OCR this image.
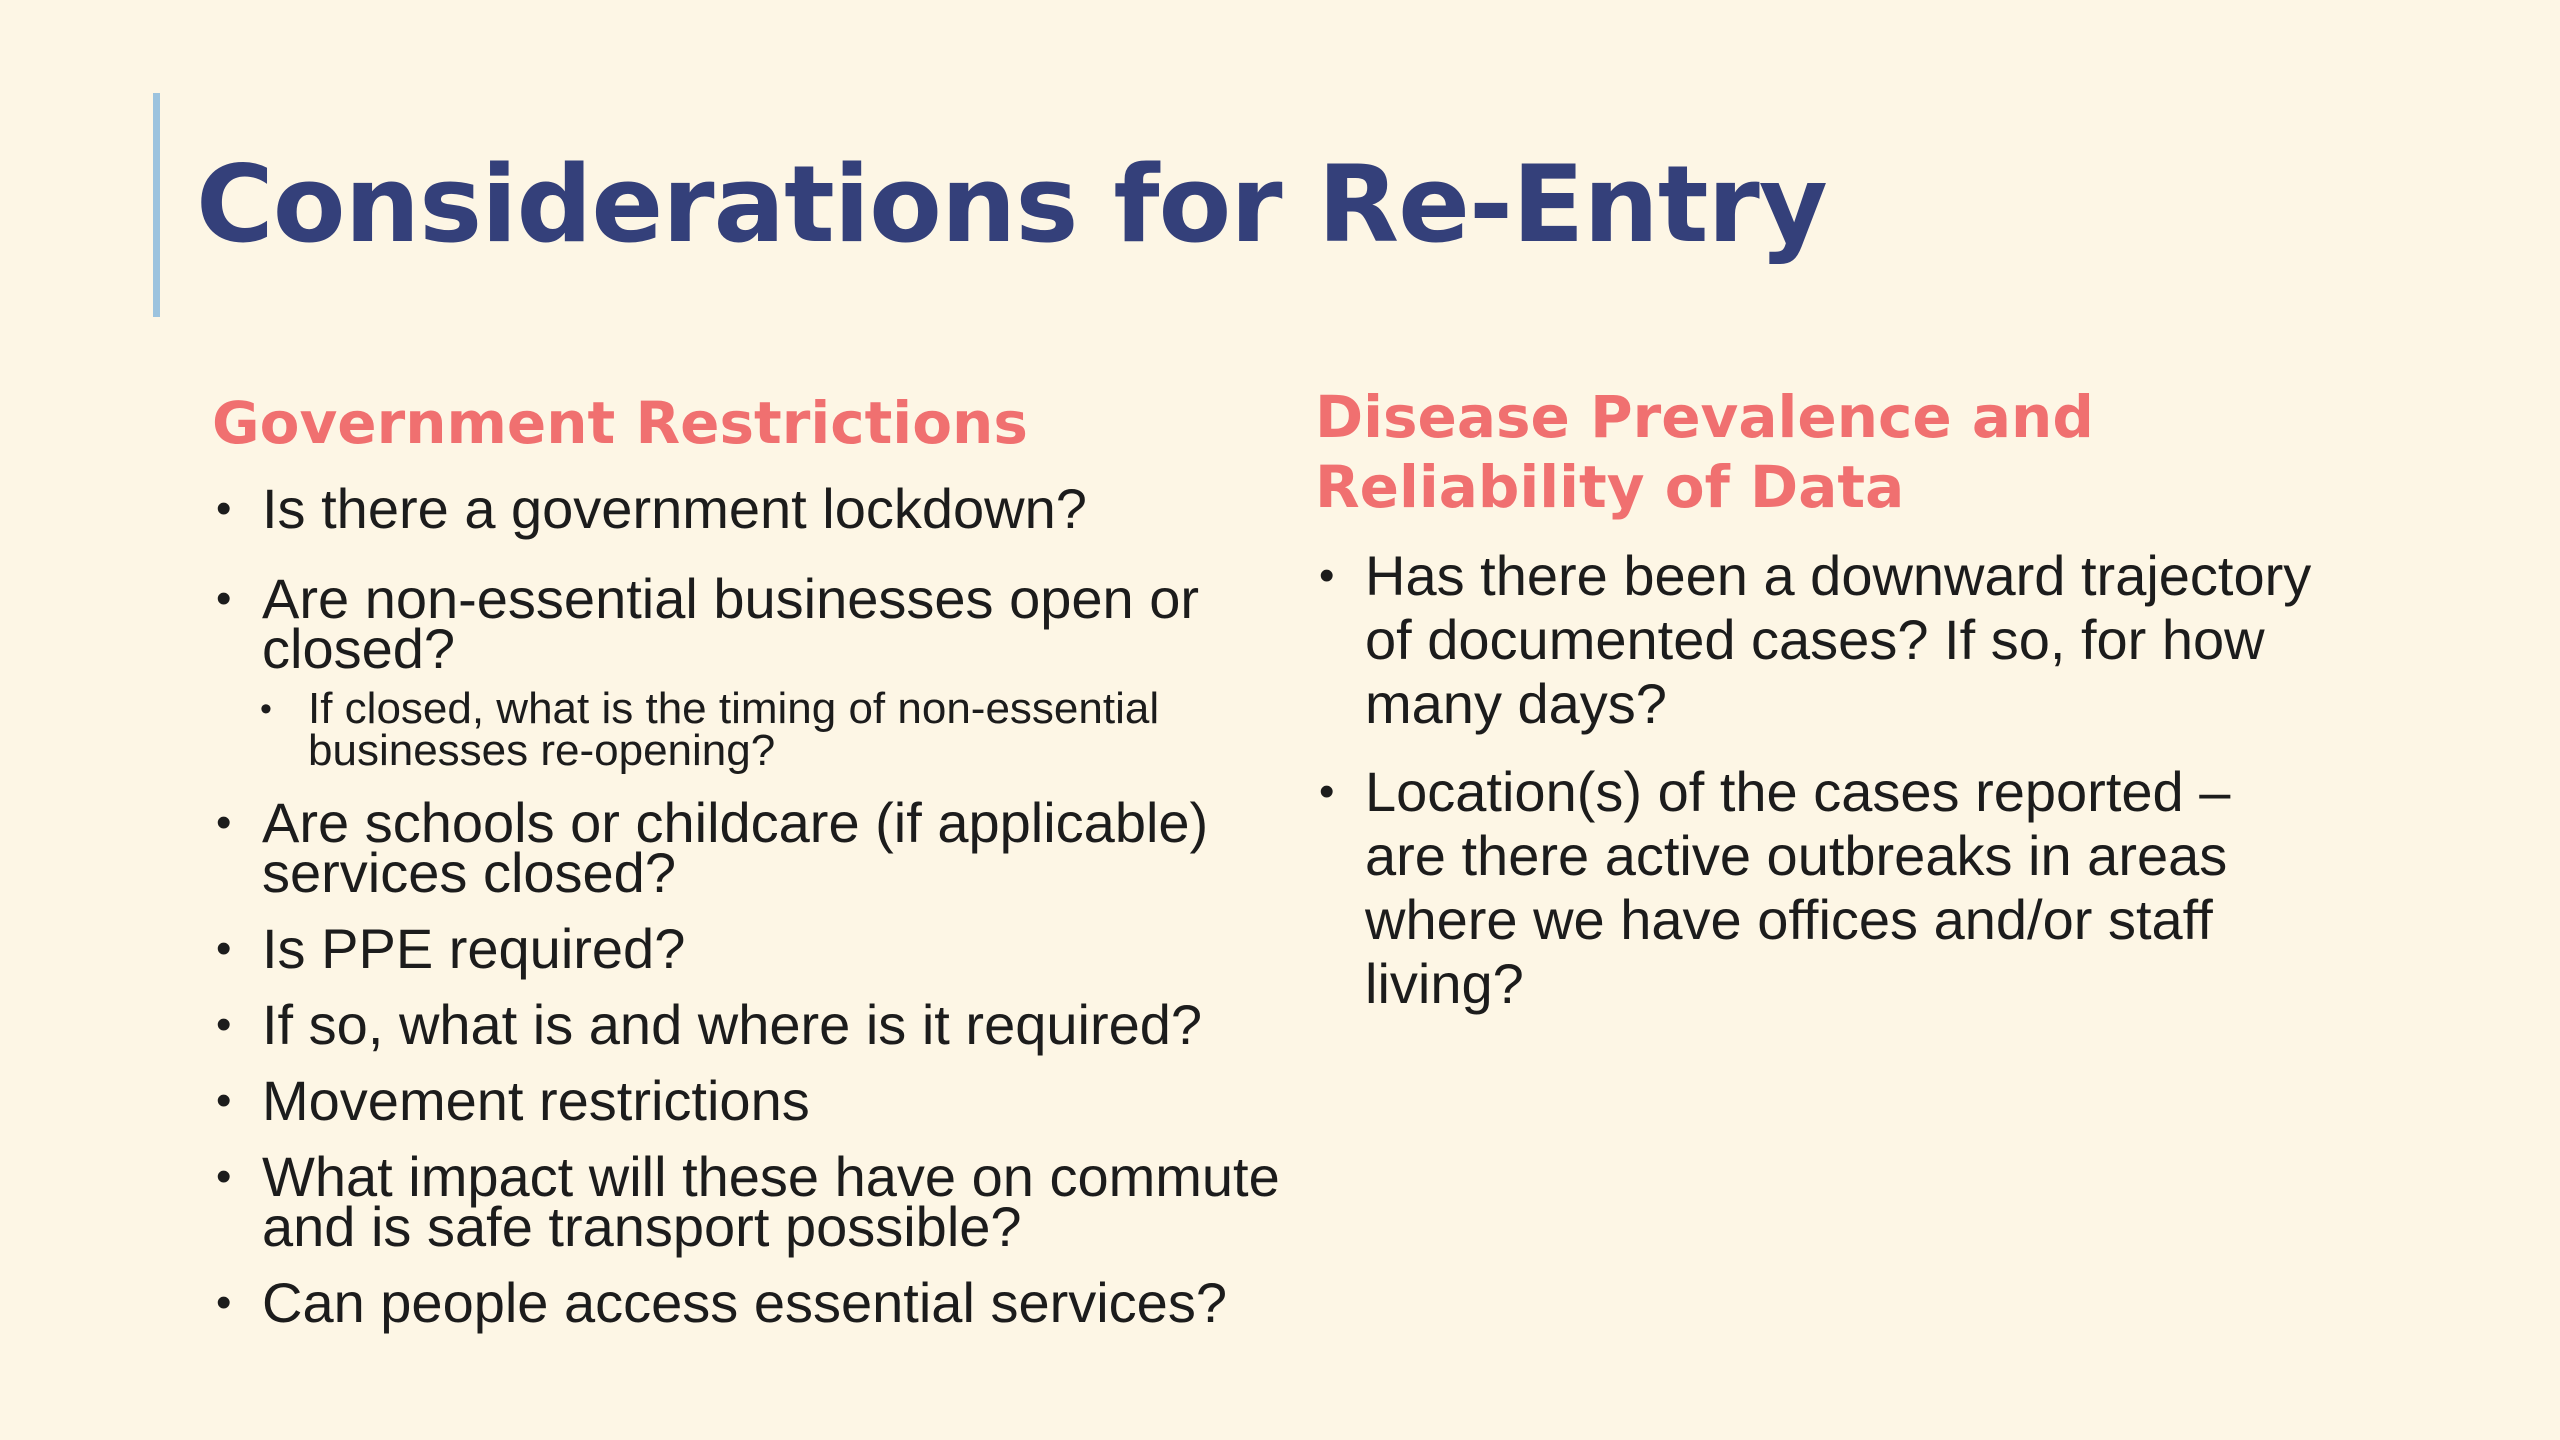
Considerations for Re-Entry
Government Restrictions
• Is there a government lockdown?
• Are non-essential businesses open or closed?
• If closed, what is the timing of non-essential businesses re-opening?
• Are schools or childcare (if applicable) services closed?
• Is PPE required?
• If so, what is and where is it required?
• Movement restrictions
• What impact will these have on commute and is safe transport possible?
• Can people access essential services?
Disease Prevalence and Reliability of Data
• Has there been a downward trajectory of documented cases? If so, for how many days?
• Location(s) of the cases reported – are there active outbreaks in areas where we have offices and/or staff living?
